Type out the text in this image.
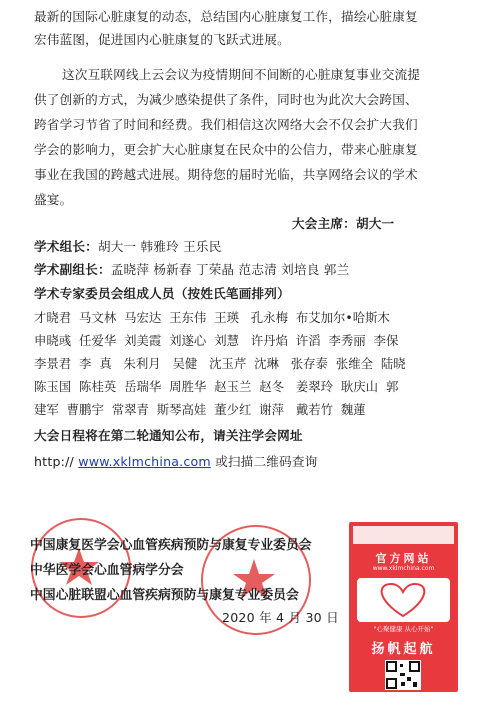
最新的国际心脏康复的动态，总结国内心脏康复工作，描绘心脏康复
宏伟蓝图，促进国内心脏康复的飞跃式进展。
这次互联网线上云会议为疫情期间不间断的心脏康复事业交流提
供了创新的方式，为减少感染提供了条件，同时也为此次大会跨国、
跨省学习节省了时间和经费。我们相信这次网络大会不仅会扩大我们
学会的影响力，更会扩大心脏康复在民众中的公信力，带来心脏康复
事业在我国的跨越式进展。期待您的届时光临，共享网络会议的学术
盛宴。
大会主席：胡大一
学术组长：胡大一 韩雅玲 王乐民
学术副组长：孟晓萍 杨新春 丁荣晶 范志清 刘培良 郭兰
学术专家委员会组成人员（按姓氏笔画排列）
才晓君  马文林  马宏达  王东伟  王瑛   孔永梅  布艾加尔•哈斯木
申晓彧  任爱华  刘美霞  刘遂心  刘慧   许丹焰  许滔  李秀丽  李保
李景君  李  真   朱利月   吴健   沈玉芹  沈琳   张存泰  张维全  陆晓
陈玉国  陈桂英  岳瑞华  周胜华  赵玉兰  赵冬   姜翠玲  耿庆山  郭
建军  曹鹏宇  常翠青  斯琴高娃  董少红  谢萍   戴若竹  魏蓮
大会日程将在第二轮通知公布，请关注学会网址
http:// www.xklmchina.com 或扫描二维码查询
中国康复医学会心血管疾病预防与康复专业委员会
中华医学会心血管病学分会
中国心脏联盟心血管疾病预防与康复专业委员会
2020 年 4 月 30 日
官方网站
www.xklmchina.com
"心聚健康 从心开始"
扬帆起航
